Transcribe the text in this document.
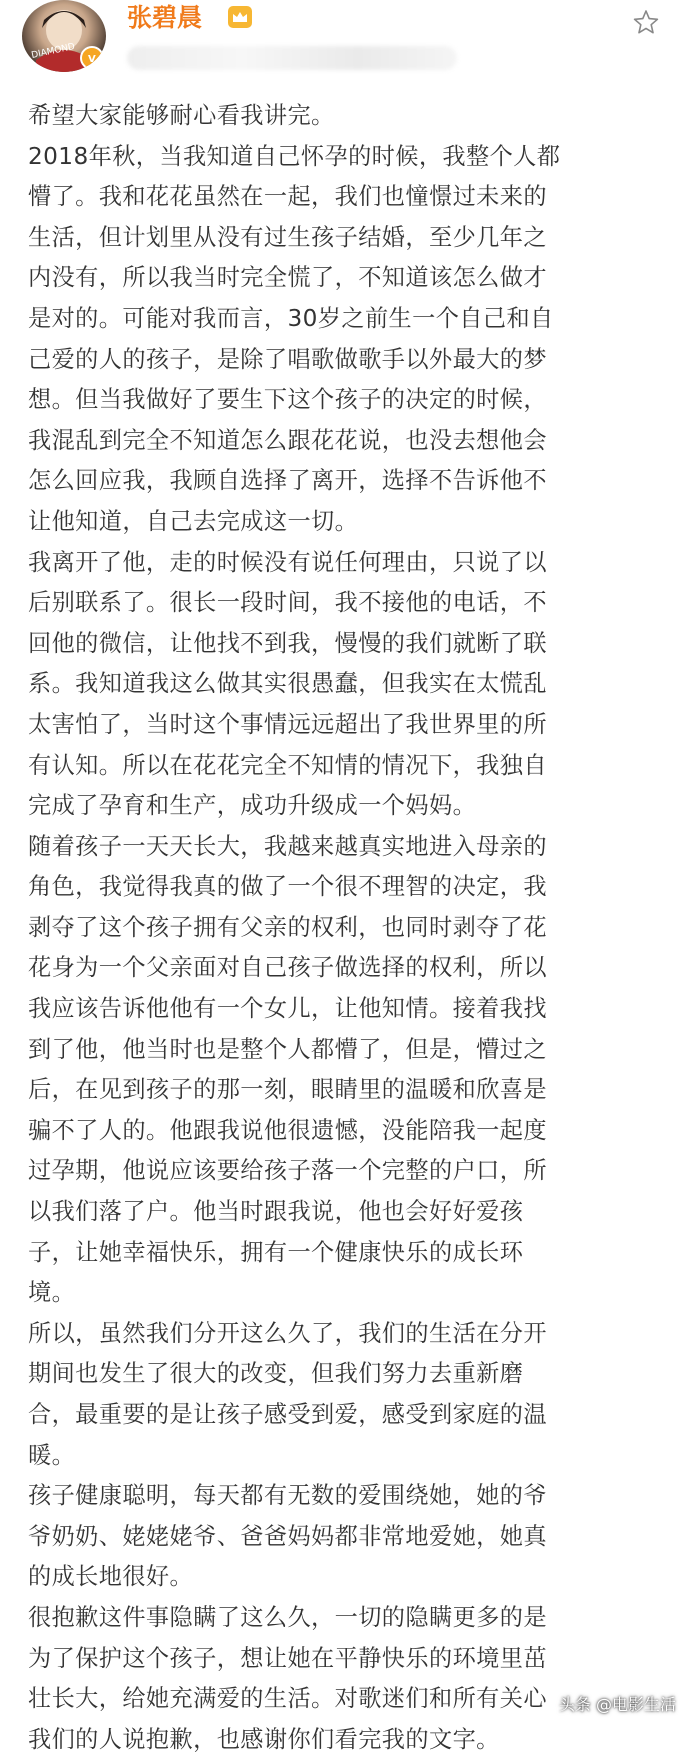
DIAMOND V
张碧晨

希望大家能够耐心看我讲完。

2018年秋，当我知道自己怀孕的时候，我整个人都
懵了。我和花花虽然在一起，我们也憧憬过未来的
生活，但计划里从没有过生孩子结婚，至少几年之
内没有，所以我当时完全慌了，不知道该怎么做才
是对的。可能对我而言，30岁之前生一个自己和自
己爱的人的孩子，是除了唱歌做歌手以外最大的梦
想。但当我做好了要生下这个孩子的决定的时候，
我混乱到完全不知道怎么跟花花说，也没去想他会
怎么回应我，我顾自选择了离开，选择不告诉他不
让他知道，自己去完成这一切。

我离开了他，走的时候没有说任何理由，只说了以
后别联系了。很长一段时间，我不接他的电话，不
回他的微信，让他找不到我，慢慢的我们就断了联
系。我知道我这么做其实很愚蠢，但我实在太慌乱
太害怕了，当时这个事情远远超出了我世界里的所
有认知。所以在花花完全不知情的情况下，我独自
完成了孕育和生产，成功升级成一个妈妈。

随着孩子一天天长大，我越来越真实地进入母亲的
角色，我觉得我真的做了一个很不理智的决定，我
剥夺了这个孩子拥有父亲的权利，也同时剥夺了花
花身为一个父亲面对自己孩子做选择的权利，所以
我应该告诉他他有一个女儿，让他知情。接着我找
到了他，他当时也是整个人都懵了，但是，懵过之
后，在见到孩子的那一刻，眼睛里的温暖和欣喜是
骗不了人的。他跟我说他很遗憾，没能陪我一起度
过孕期，他说应该要给孩子落一个完整的户口，所
以我们落了户。他当时跟我说，他也会好好爱孩
子，让她幸福快乐，拥有一个健康快乐的成长环
境。

所以，虽然我们分开这么久了，我们的生活在分开
期间也发生了很大的改变，但我们努力去重新磨
合，最重要的是让孩子感受到爱，感受到家庭的温
暖。

孩子健康聪明，每天都有无数的爱围绕她，她的爷
爷奶奶、姥姥姥爷、爸爸妈妈都非常地爱她，她真
的成长地很好。

很抱歉这件事隐瞒了这么久，一切的隐瞒更多的是
为了保护这个孩子，想让她在平静快乐的环境里茁
壮长大，给她充满爱的生活。对歌迷们和所有关心
我们的人说抱歉，也感谢你们看完我的文字。

头条 @电影生活
